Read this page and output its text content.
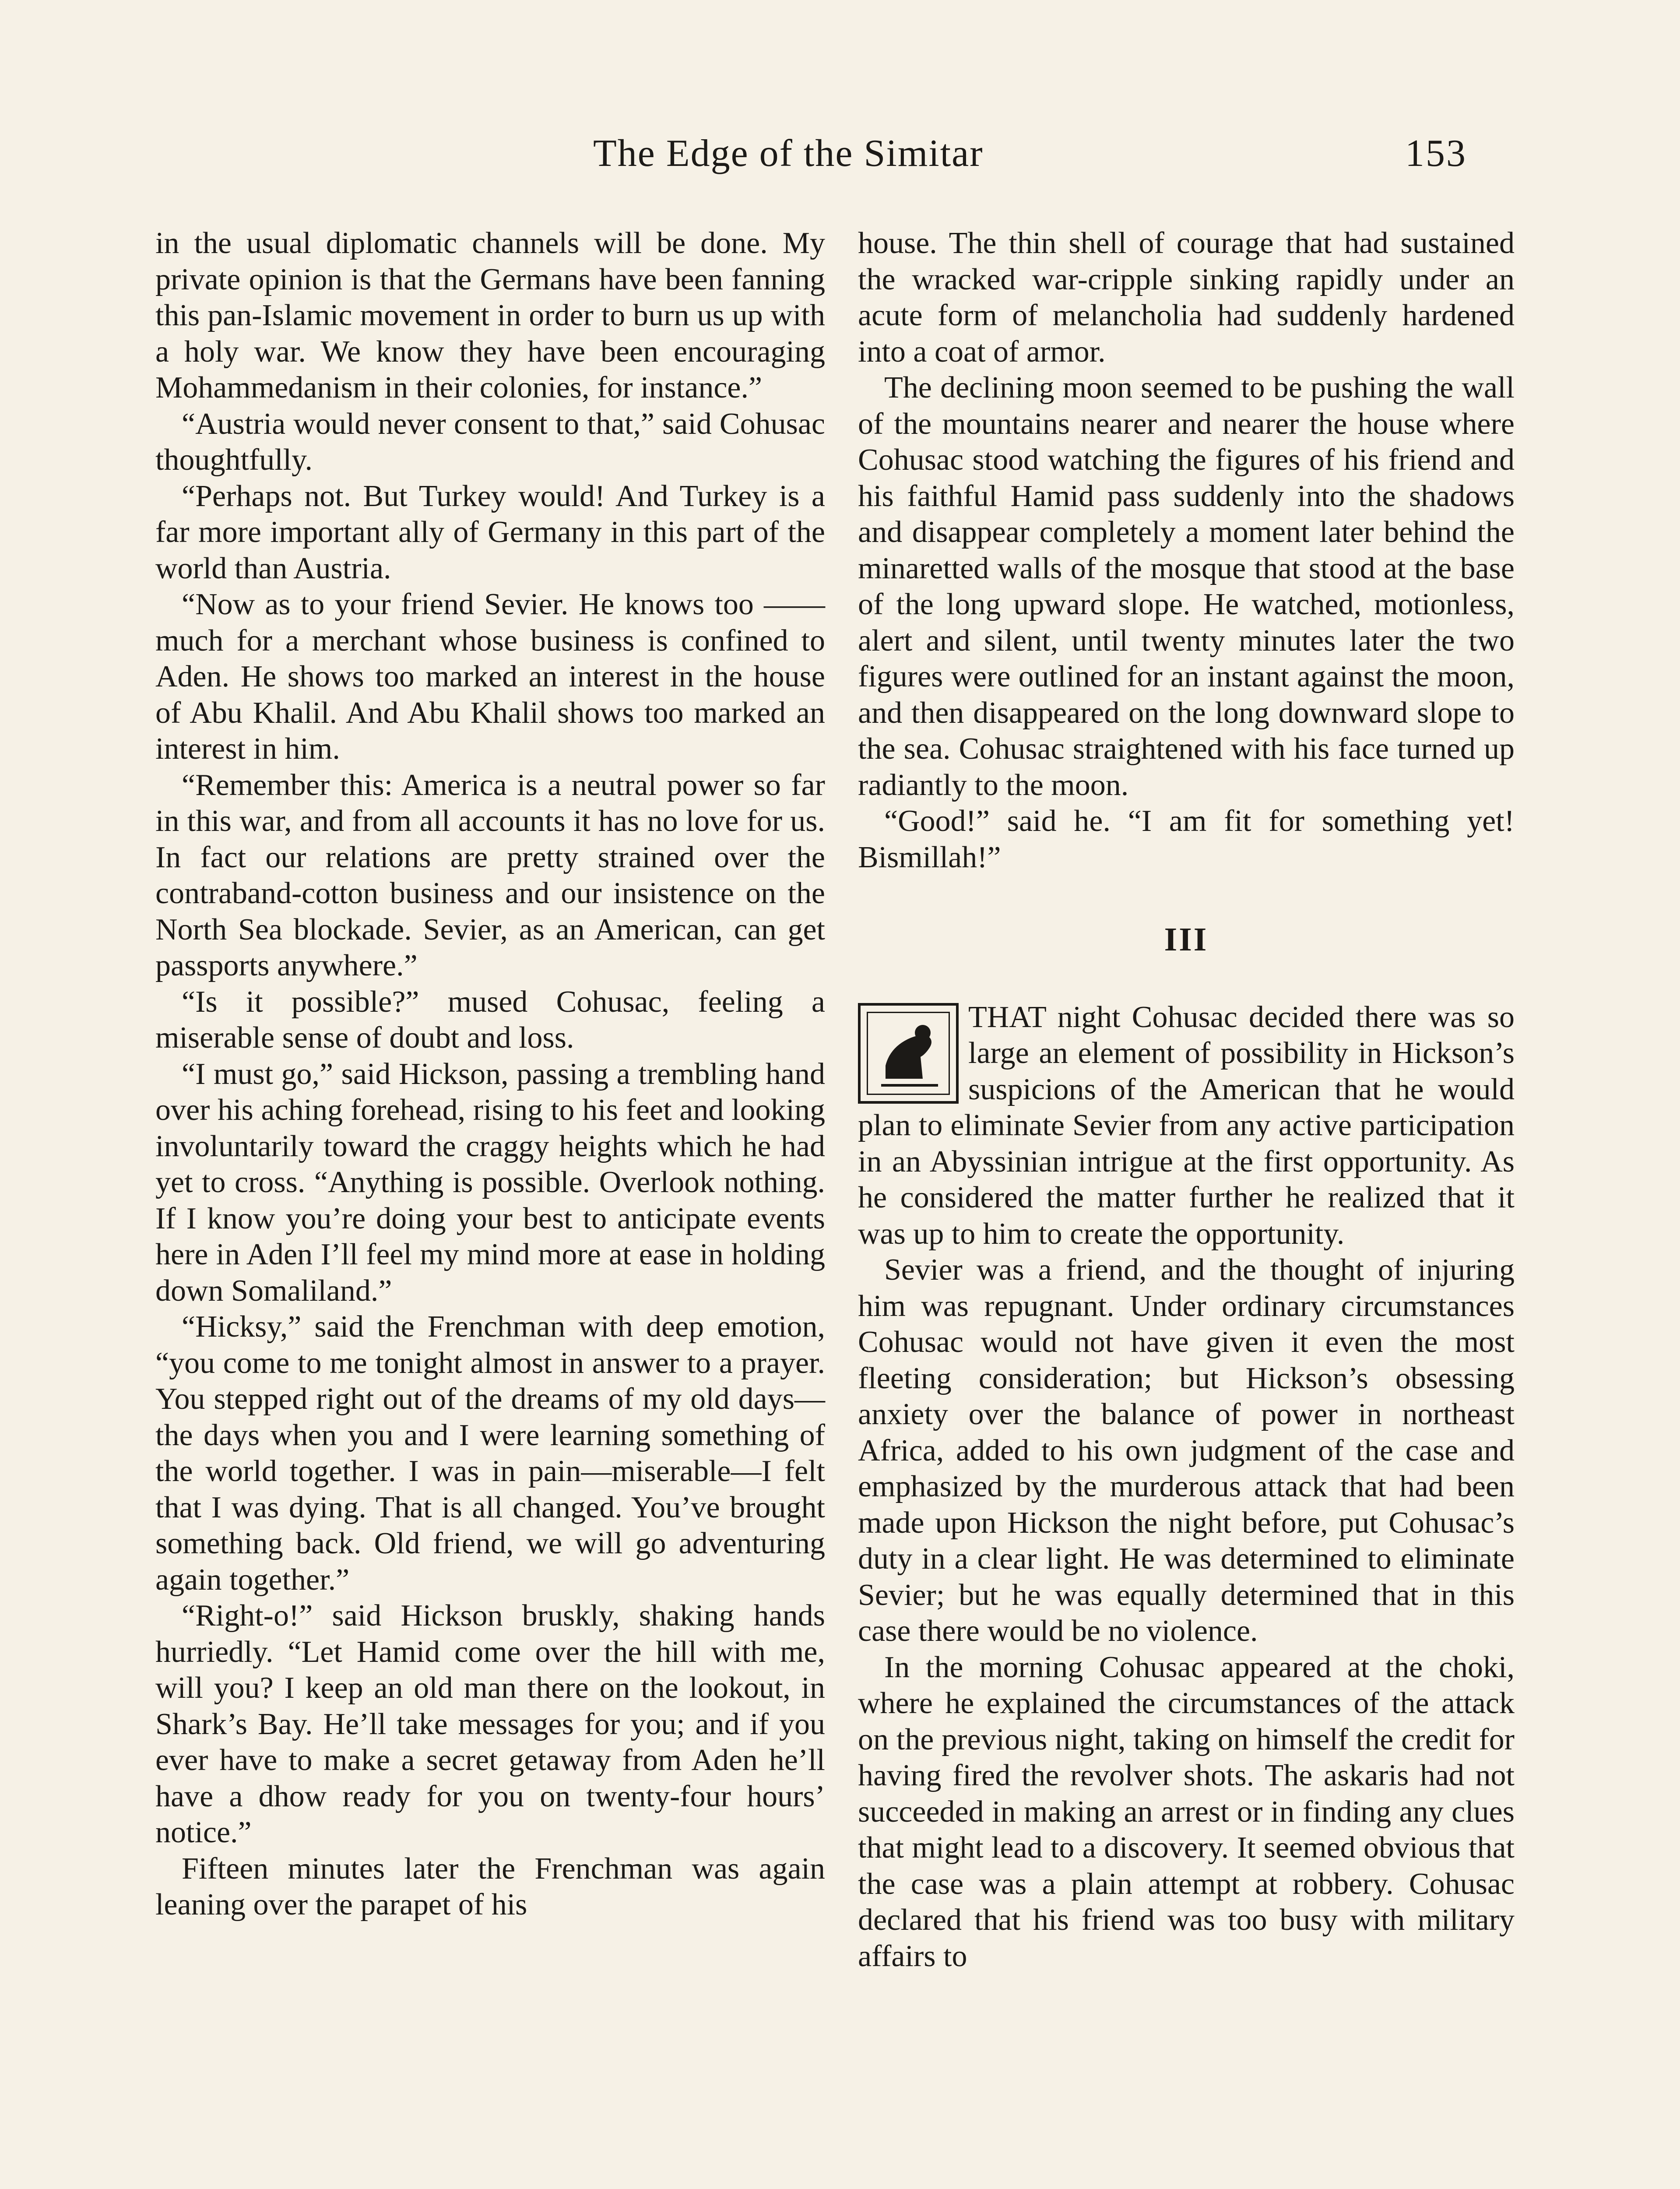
The Edge of the Simitar	153

in the usual diplomatic channels will be done. My private opinion is that the Germans have been fanning this pan-Islamic movement in order to burn us up with a holy war. We know they have been encouraging Mohammedanism in their colonies, for instance.”

“Austria would never consent to that,” said Cohusac thoughtfully.

“Perhaps not. But Turkey would! And Turkey is a far more important ally of Germany in this part of the world than Austria.

“Now as to your friend Sevier. He knows too —— much for a merchant whose business is confined to Aden. He shows too marked an interest in the house of Abu Khalil. And Abu Khalil shows too marked an interest in him.

“Remember this: America is a neutral power so far in this war, and from all accounts it has no love for us. In fact our relations are pretty strained over the contraband-cotton business and our insistence on the North Sea blockade. Sevier, as an American, can get passports anywhere.”

“Is it possible?” mused Cohusac, feeling a miserable sense of doubt and loss.

“I must go,” said Hickson, passing a trembling hand over his aching forehead, rising to his feet and looking involuntarily toward the craggy heights which he had yet to cross. “Anything is possible. Overlook nothing. If I know you’re doing your best to anticipate events here in Aden I’ll feel my mind more at ease in holding down Somaliland.”

“Hicksy,” said the Frenchman with deep emotion, “you come to me tonight almost in answer to a prayer. You stepped right out of the dreams of my old days—the days when you and I were learning something of the world together. I was in pain—miserable—I felt that I was dying. That is all changed. You’ve brought something back. Old friend, we will go adventuring again together.”

“Right-o!” said Hickson bruskly, shaking hands hurriedly. “Let Hamid come over the hill with me, will you? I keep an old man there on the lookout, in Shark’s Bay. He’ll take messages for you; and if you ever have to make a secret getaway from Aden he’ll have a dhow ready for you on twenty-four hours’ notice.”

Fifteen minutes later the Frenchman was again leaning over the parapet of his

house. The thin shell of courage that had sustained the wracked war-cripple sinking rapidly under an acute form of melancholia had suddenly hardened into a coat of armor.

The declining moon seemed to be pushing the wall of the mountains nearer and nearer the house where Cohusac stood watching the figures of his friend and his faithful Hamid pass suddenly into the shadows and disappear completely a moment later behind the minaretted walls of the mosque that stood at the base of the long upward slope. He watched, motionless, alert and silent, until twenty minutes later the two figures were outlined for an instant against the moon, and then disappeared on the long downward slope to the sea. Cohusac straightened with his face turned up radiantly to the moon.

“Good!” said he. “I am fit for something yet! Bismillah!”

III

THAT night Cohusac decided there was so large an element of possibility in Hickson’s suspicions of the American that he would plan to eliminate Sevier from any active participation in an Abyssinian intrigue at the first opportunity. As he considered the matter further he realized that it was up to him to create the opportunity.

Sevier was a friend, and the thought of injuring him was repugnant. Under ordinary circumstances Cohusac would not have given it even the most fleeting consideration; but Hickson’s obsessing anxiety over the balance of power in northeast Africa, added to his own judgment of the case and emphasized by the murderous attack that had been made upon Hickson the night before, put Cohusac’s duty in a clear light. He was determined to eliminate Sevier; but he was equally determined that in this case there would be no violence.

In the morning Cohusac appeared at the choki, where he explained the circumstances of the attack on the previous night, taking on himself the credit for having fired the revolver shots. The askaris had not succeeded in making an arrest or in finding any clues that might lead to a discovery. It seemed obvious that the case was a plain attempt at robbery. Cohusac declared that his friend was too busy with military affairs to
